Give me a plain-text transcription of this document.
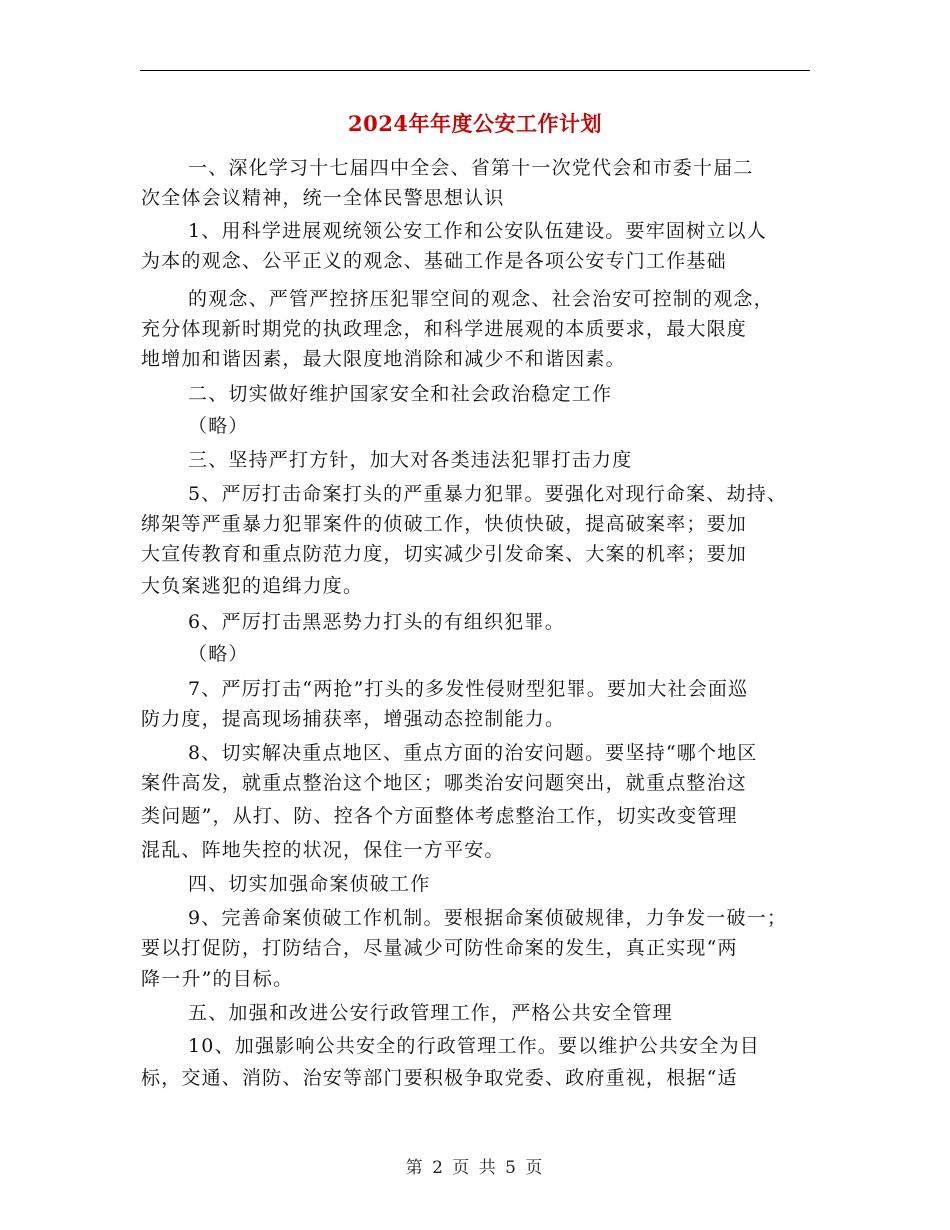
2024年年度公安工作计划
一、深化学习十七届四中全会、省第十一次党代会和市委十届二
次全体会议精神，统一全体民警思想认识
1、用科学进展观统领公安工作和公安队伍建设。要牢固树立以人
为本的观念、公平正义的观念、基础工作是各项公安专门工作基础
的观念、严管严控挤压犯罪空间的观念、社会治安可控制的观念，
充分体现新时期党的执政理念，和科学进展观的本质要求，最大限度
地增加和谐因素，最大限度地消除和减少不和谐因素。
二、切实做好维护国家安全和社会政治稳定工作
（略）
三、坚持严打方针，加大对各类违法犯罪打击力度
5、严厉打击命案打头的严重暴力犯罪。要强化对现行命案、劫持、
绑架等严重暴力犯罪案件的侦破工作，快侦快破，提高破案率；要加
大宣传教育和重点防范力度，切实减少引发命案、大案的机率；要加
大负案逃犯的追缉力度。
6、严厉打击黑恶势力打头的有组织犯罪。
（略）
7、严厉打击“两抢”打头的多发性侵财型犯罪。要加大社会面巡
防力度，提高现场捕获率，增强动态控制能力。
8、切实解决重点地区、重点方面的治安问题。要坚持“哪个地区
案件高发，就重点整治这个地区；哪类治安问题突出，就重点整治这
类问题”，从打、防、控各个方面整体考虑整治工作，切实改变管理
混乱、阵地失控的状况，保住一方平安。
四、切实加强命案侦破工作
9、完善命案侦破工作机制。要根据命案侦破规律，力争发一破一；
要以打促防，打防结合，尽量减少可防性命案的发生，真正实现“两
降一升”的目标。
五、加强和改进公安行政管理工作，严格公共安全管理
10、加强影响公共安全的行政管理工作。要以维护公共安全为目
标，交通、消防、治安等部门要积极争取党委、政府重视，根据“适
第 2 页 共 5 页
